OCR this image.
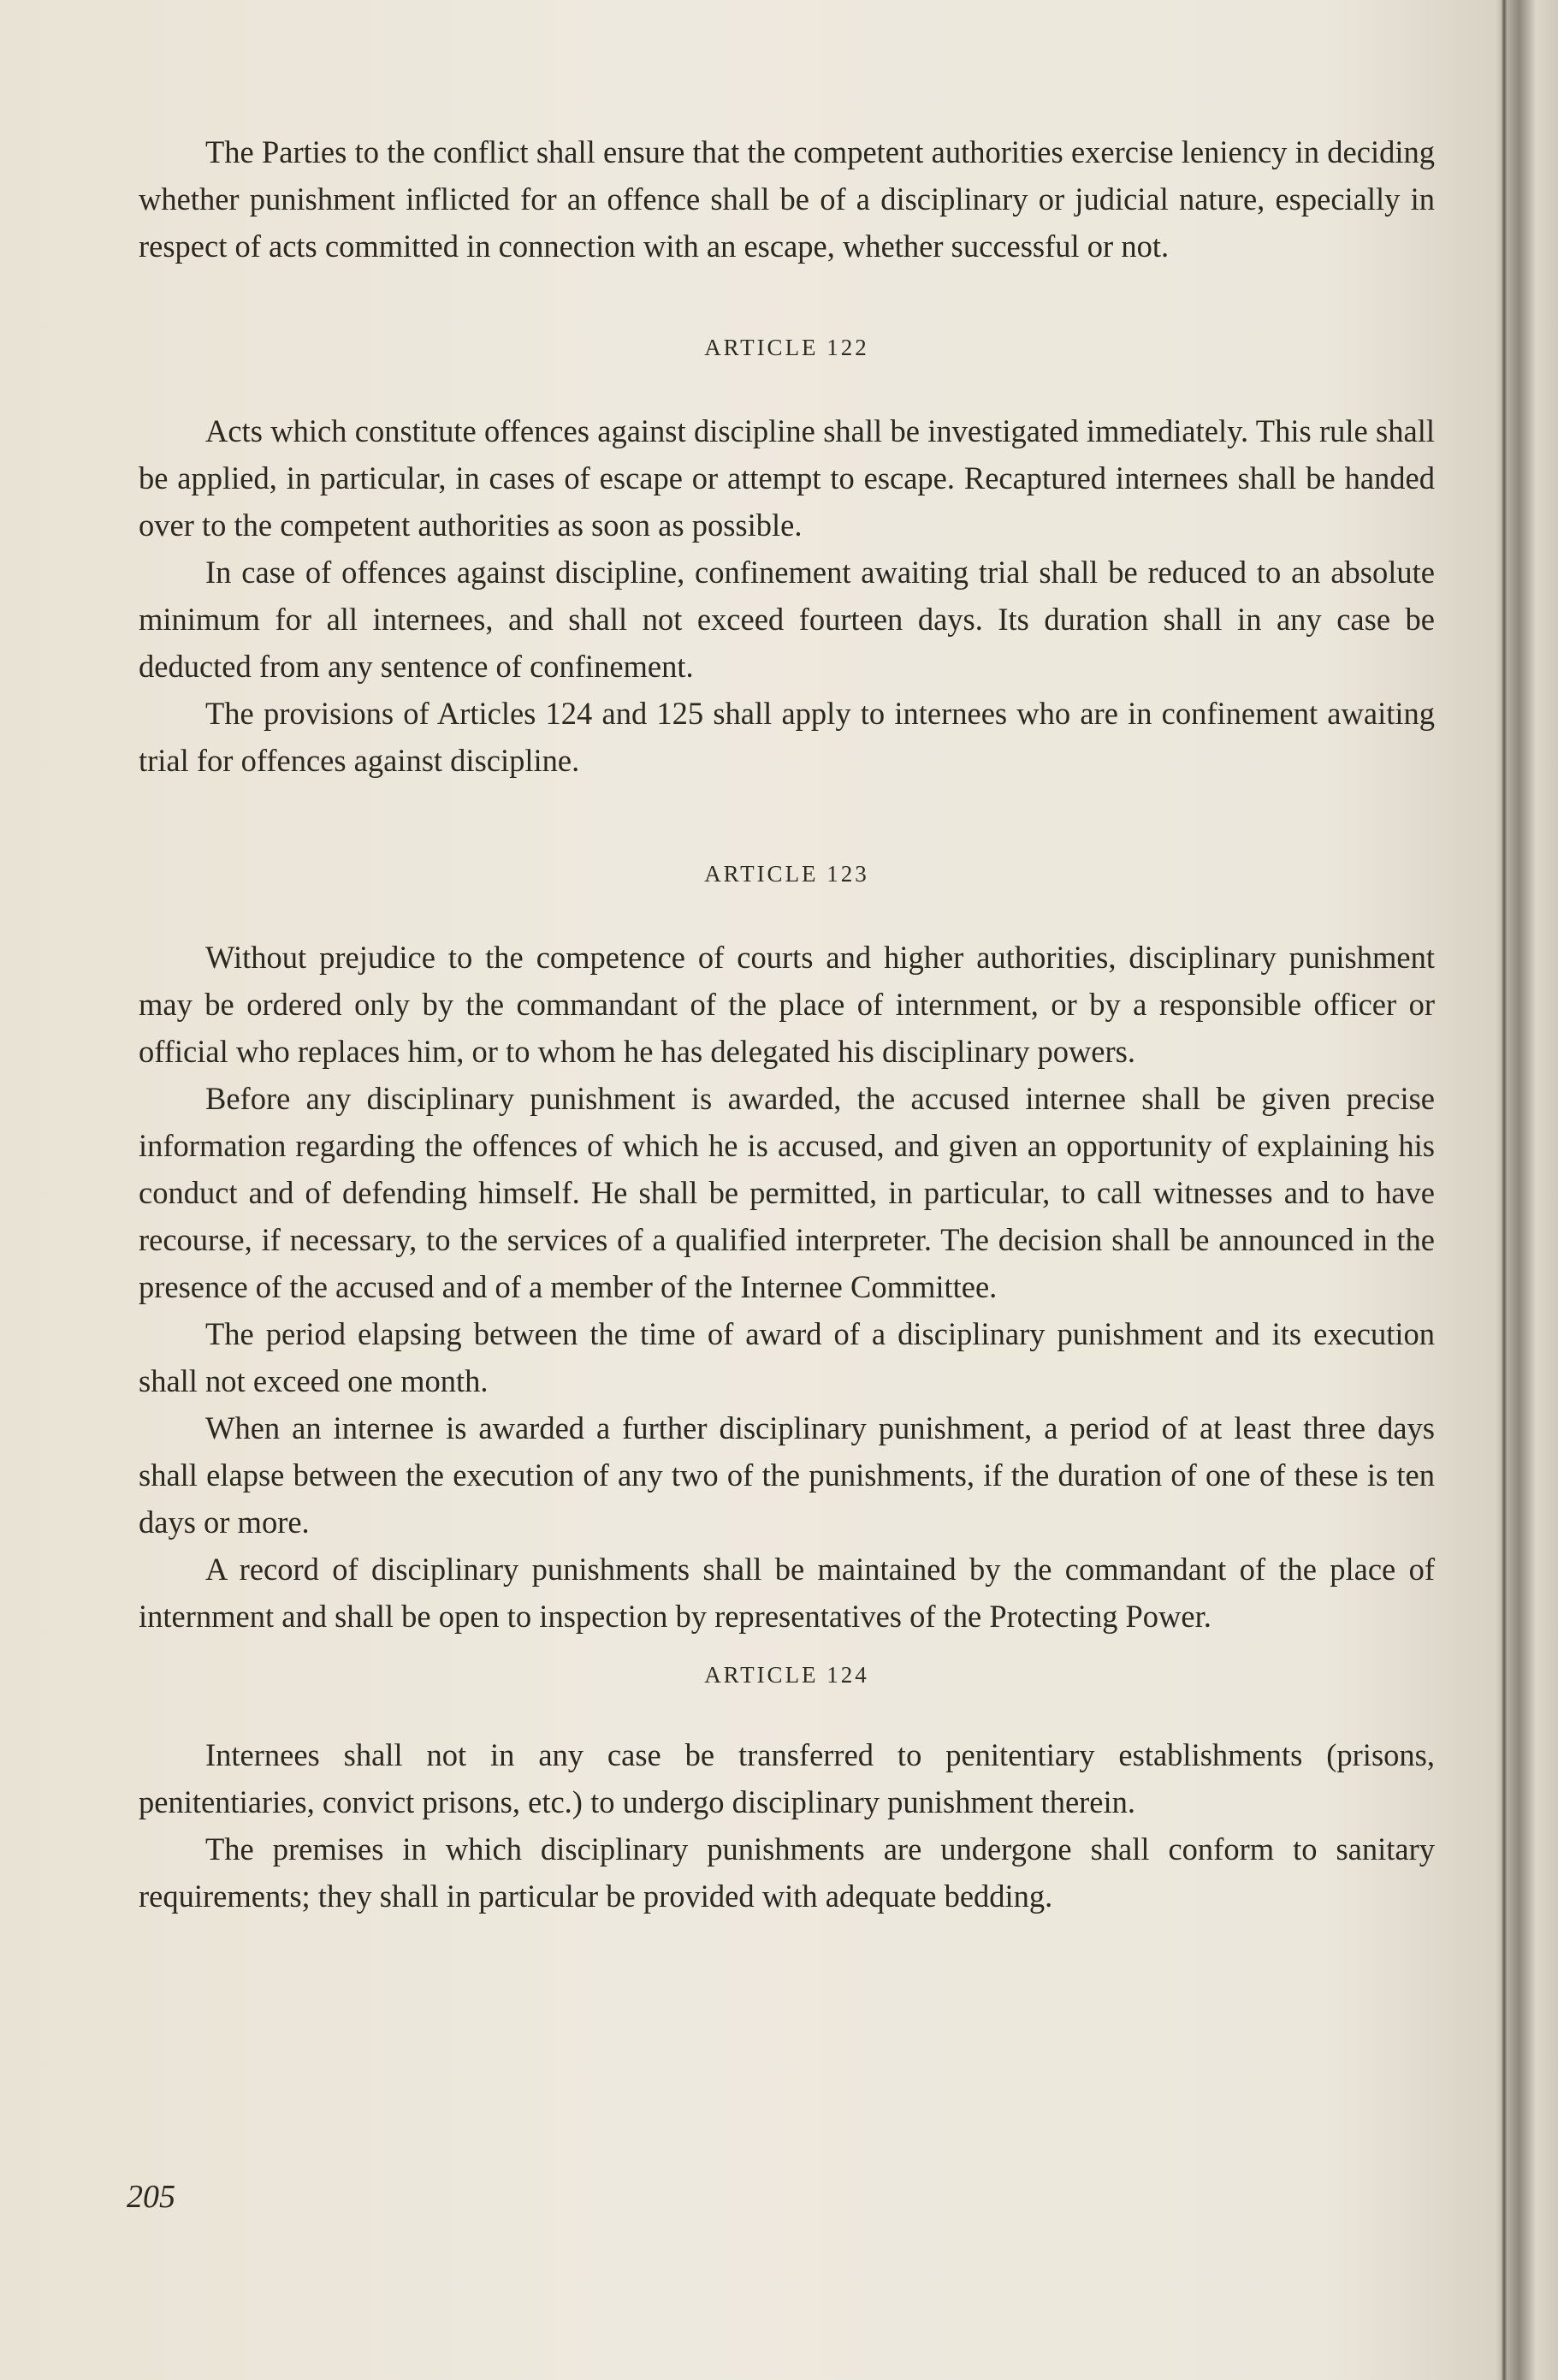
The Parties to the conflict shall ensure that the competent authorities exercise leniency in deciding whether punishment inflicted for an offence shall be of a disciplinary or judicial nature, especially in respect of acts committed in connection with an escape, whether successful or not.

ARTICLE 122

Acts which constitute offences against discipline shall be investigated immediately. This rule shall be applied, in particular, in cases of escape or attempt to escape. Recaptured internees shall be handed over to the competent authorities as soon as possible.

In case of offences against discipline, confinement awaiting trial shall be reduced to an absolute minimum for all internees, and shall not exceed fourteen days. Its duration shall in any case be deducted from any sentence of confinement.

The provisions of Articles 124 and 125 shall apply to internees who are in confinement awaiting trial for offences against discipline.

ARTICLE 123

Without prejudice to the competence of courts and higher authorities, disciplinary punishment may be ordered only by the commandant of the place of internment, or by a responsible officer or official who replaces him, or to whom he has delegated his disciplinary powers.

Before any disciplinary punishment is awarded, the accused internee shall be given precise information regarding the offences of which he is accused, and given an opportunity of explaining his conduct and of defending himself. He shall be permitted, in particular, to call witnesses and to have recourse, if necessary, to the services of a qualified interpreter. The decision shall be announced in the presence of the accused and of a member of the Internee Committee.

The period elapsing between the time of award of a disciplinary punishment and its execution shall not exceed one month.

When an internee is awarded a further disciplinary punishment, a period of at least three days shall elapse between the execution of any two of the punishments, if the duration of one of these is ten days or more.

A record of disciplinary punishments shall be maintained by the commandant of the place of internment and shall be open to inspection by representatives of the Protecting Power.

ARTICLE 124

Internees shall not in any case be transferred to penitentiary establishments (prisons, penitentiaries, convict prisons, etc.) to undergo disciplinary punishment therein.

The premises in which disciplinary punishments are undergone shall conform to sanitary requirements; they shall in particular be provided with adequate bedding.

205
